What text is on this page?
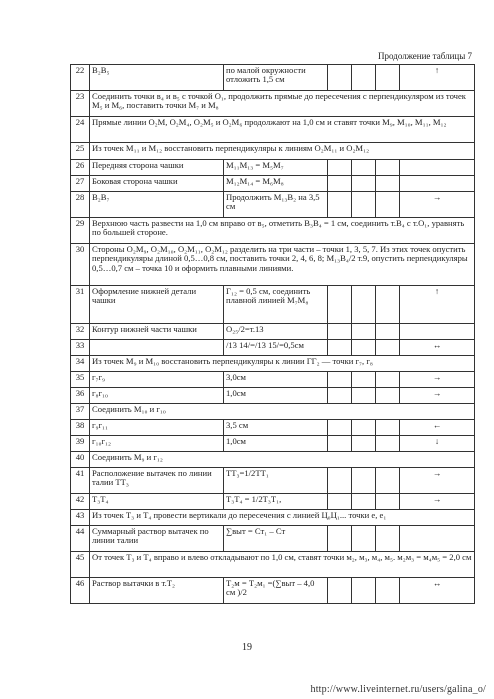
Продолжение таблицы 7

22	В₂В₅	по малой окружности отложить 1,5 см				↑
23	Соединить точки в₄ и в₅ с точкой О₁, продолжить прямые до пересечения с перпендикуляром из точек М₅ и М₆, поставить точки М₇ и М₈					
24	Прямые линии О₂М, О₂М₄, О₂М₅ и О₂М₆ продолжают на 1,0 см и ставят точки М₉, М₁₀, М₁₁, М₁₂					
25	Из точек М₁₁ и М₁₂ восстановить перпендикуляры к линиям О₂М₁₁ и О₂М₁₂					
26	Передняя сторона чашки	М₁₁М₁₃ = М₅М₇				
27	Боковая сторона чашки	М₁₂М₁₄ = М₆М₈				
28	В₂В₇	Продолжить М₁₃В₂ на 3,5 см				→
29	Верхнюю часть развести на 1,0 см вправо от в₅, отметить В₃В₄ = 1 см, соединить т.В₄ с т.О₁, уравнять по большей стороне.					
30	Стороны О₂М₉, О₂М₁₀, О₂М₁₁, О₂М₁₂ разделить на три части – точки 1, 3, 5, 7. Из этих точек опустить перпендикуляры длиной 0,5…0,8 см, поставить точки 2, 4, 6, 8; М₁₃В₄/2 т.9, опустить перпендикуляры 0,5…0,7 см – точка 10 и оформить плавными линиями.					
31	Оформление нижней детали чашки	Г₁₂ = 0,5 см, соединить плавной линией М₇М₈				↑
32	Контур нижней части чашки	О₂₅/2=т.13				
33		/13 14/=/13 15/=0,5см				↔
34	Из точек М₉ и М₁₀ восстановить перпендикуляры к линии ГГ₂ — точки г₇, г₈					
35	г₇г₉	3,0см				→
36	г₈г₁₀	1,0см				→
37	Соединить М₁₀ и г₁₀					
38	г₉г₁₁	3,5 см				←
39	г₁₀г₁₂	1,0см				↓
40	Соединить М₉ и г₁₂					
41	Расположение вытачек по линии талии ТТ₃	ТТ₃=1/2ТТ₁				→
42	Т₃Т₄	Т₃Т₄ = 1/2Т₃Т₁,				→
43	Из точек Т₃ и Т₄ провести вертикали до пересечения с линией Ц₀Ц₁... точки е, е₁					
44	Суммарный раствор вытачек по линии талии	∑выт = Ст₁ – Ст				
45	От точек Т₃ и Т₄ вправо и влево откладывают по 1,0 см, ставят точки м₂, м₃, м₄, м₅. м₂м₃ = м₄м₅ = 2,0 см					
46	Раствор вытачки в т.Т₂	Т₂м = Т₂м₁ =(∑выт – 4,0 см )/2				↔
19
http://www.liveinternet.ru/users/galina_o/
